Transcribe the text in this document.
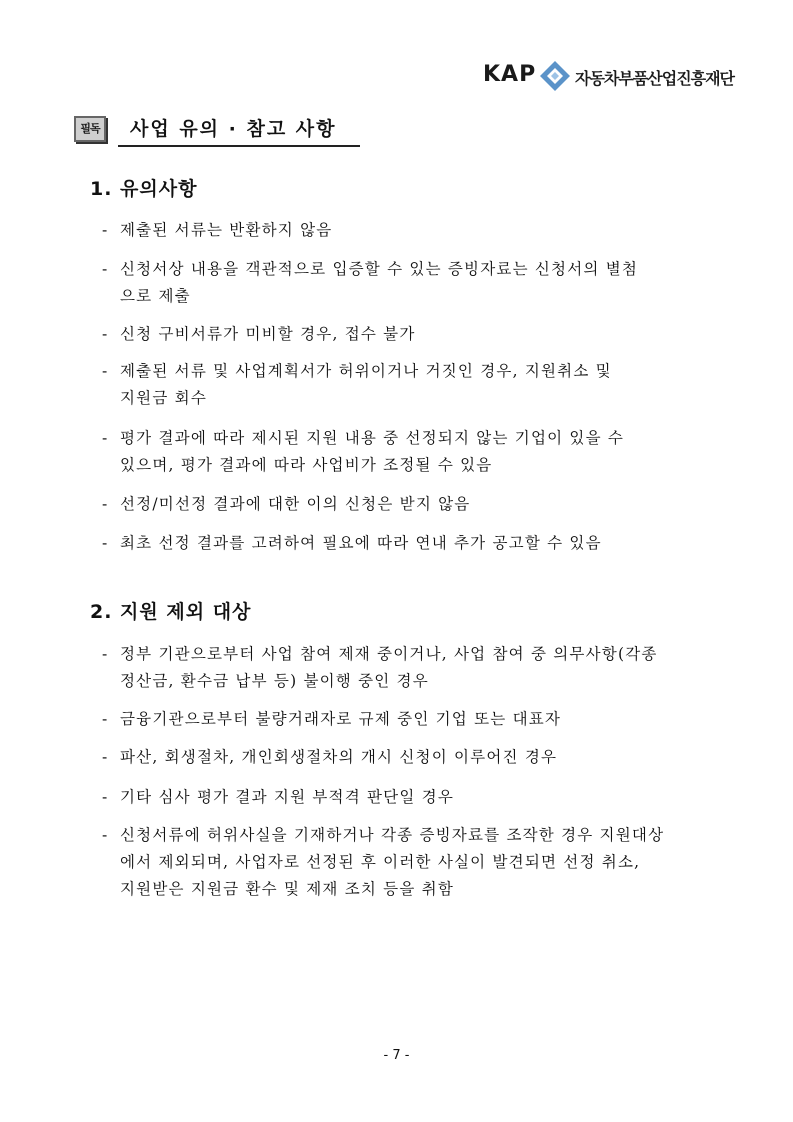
KAP 자동차부품산업진흥재단
필독	사업 유의 · 참고 사항
1. 유의사항
- 제출된 서류는 반환하지 않음
- 신청서상 내용을 객관적으로 입증할 수 있는 증빙자료는 신청서의 별첨
으로 제출
- 신청 구비서류가 미비할 경우, 접수 불가
- 제출된 서류 및 사업계획서가 허위이거나 거짓인 경우, 지원취소 및
지원금 회수
- 평가 결과에 따라 제시된 지원 내용 중 선정되지 않는 기업이 있을 수
있으며, 평가 결과에 따라 사업비가 조정될 수 있음
- 선정/미선정 결과에 대한 이의 신청은 받지 않음
- 최초 선정 결과를 고려하여 필요에 따라 연내 추가 공고할 수 있음
2. 지원 제외 대상
- 정부 기관으로부터 사업 참여 제재 중이거나, 사업 참여 중 의무사항(각종
정산금, 환수금 납부 등) 불이행 중인 경우
- 금융기관으로부터 불량거래자로 규제 중인 기업 또는 대표자
- 파산, 회생절차, 개인회생절차의 개시 신청이 이루어진 경우
- 기타 심사 평가 결과 지원 부적격 판단일 경우
- 신청서류에 허위사실을 기재하거나 각종 증빙자료를 조작한 경우 지원대상
에서 제외되며, 사업자로 선정된 후 이러한 사실이 발견되면 선정 취소,
지원받은 지원금 환수 및 제재 조치 등을 취함
- 7 -
